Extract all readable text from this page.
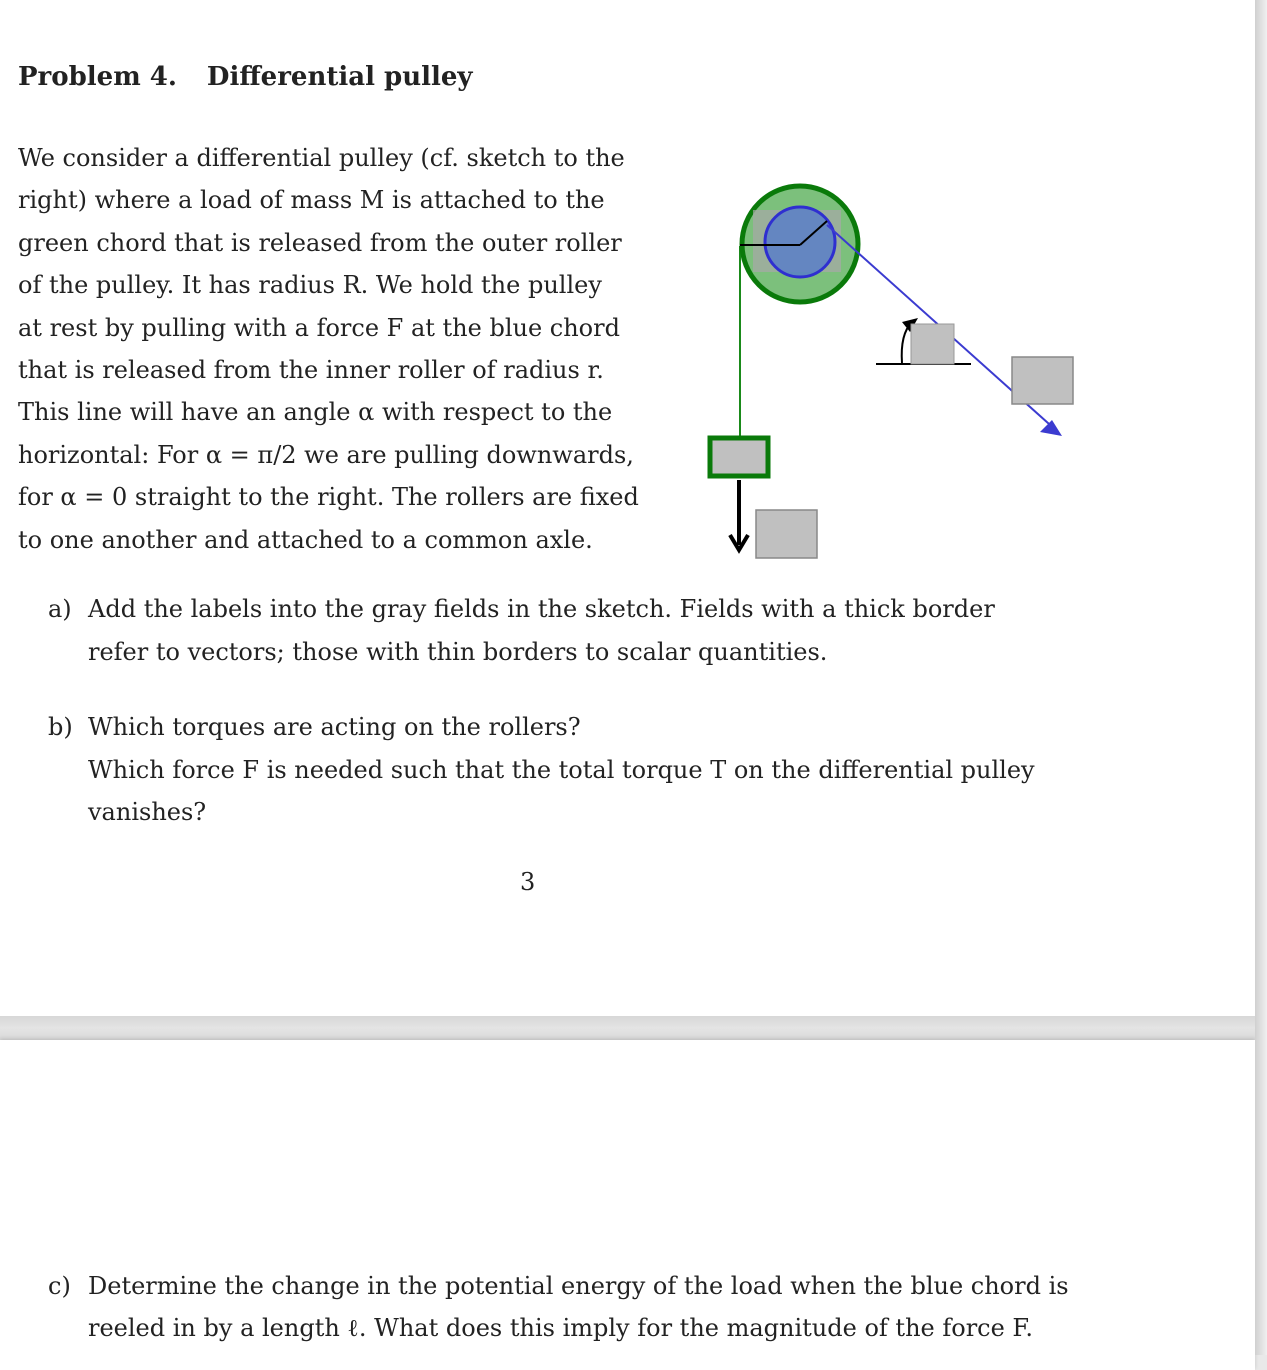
Problem 4. Differential pulley
We consider a differential pulley (cf. sketch to the
right) where a load of mass M is attached to the
green chord that is released from the outer roller
of the pulley. It has radius R. We hold the pulley
at rest by pulling with a force F at the blue chord
that is released from the inner roller of radius r.
This line will have an angle α with respect to the
horizontal: For α = π/2 we are pulling downwards,
for α = 0 straight to the right. The rollers are fixed
to one another and attached to a common axle.
a) Add the labels into the gray fields in the sketch. Fields with a thick border
refer to vectors; those with thin borders to scalar quantities.
b) Which torques are acting on the rollers?
Which force F is needed such that the total torque T on the differential pulley
vanishes?
3
c) Determine the change in the potential energy of the load when the blue chord is
reeled in by a length ℓ. What does this imply for the magnitude of the force F.
